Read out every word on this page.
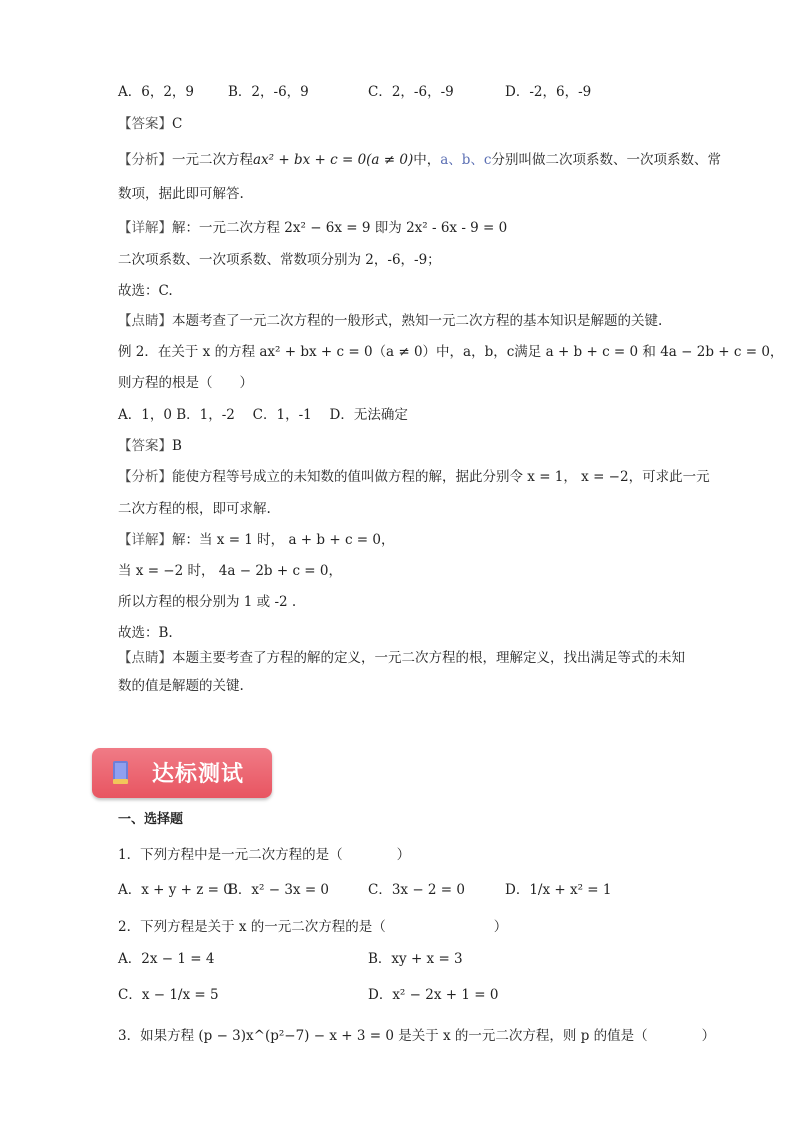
A．6，2，9	B．2，-6，9	C．2，-6，-9	D．-2，6，-9
【答案】C
【分析】一元二次方程ax² + bx + c = 0(a ≠ 0)中，a、b、c分别叫做二次项系数、一次项系数、常
数项，据此即可解答.
【详解】解：一元二次方程 2x² − 6x = 9 即为 2x² - 6x - 9 = 0
二次项系数、一次项系数、常数项分别为 2，-6，-9；
故选：C.
【点睛】本题考查了一元二次方程的一般形式，熟知一元二次方程的基本知识是解题的关键.
例 2．在关于 x 的方程 ax² + bx + c = 0（a ≠ 0）中，a，b，c满足 a + b + c = 0 和 4a − 2b + c = 0，
则方程的根是（　　）
A．1，0 B．1，-2　 C．1，-1　 D．无法确定
【答案】B
【分析】能使方程等号成立的未知数的值叫做方程的解，据此分别令 x = 1， x = −2，可求此一元
二次方程的根，即可求解.
【详解】解：当 x = 1 时， a + b + c = 0，
当 x = −2 时， 4a − 2b + c = 0，
所以方程的根分别为 1 或 -2 .
故选：B.
【点睛】本题主要考查了方程的解的定义，一元二次方程的根，理解定义，找出满足等式的未知
数的值是解题的关键.
达标测试
一、选择题
1．下列方程中是一元二次方程的是（　　　　）
A．x + y + z = 0
B．x² − 3x = 0	C．3x − 2 = 0	D．1/x + x² = 1
2．下列方程是关于 x 的一元二次方程的是（　　　　　　　　）
A．2x − 1 = 4	B．xy + x = 3
C．x − 1/x = 5	D．x² − 2x + 1 = 0
3．如果方程 (p − 3)x^(p²−7) − x + 3 = 0 是关于 x 的一元二次方程，则 p 的值是（　　　　）
